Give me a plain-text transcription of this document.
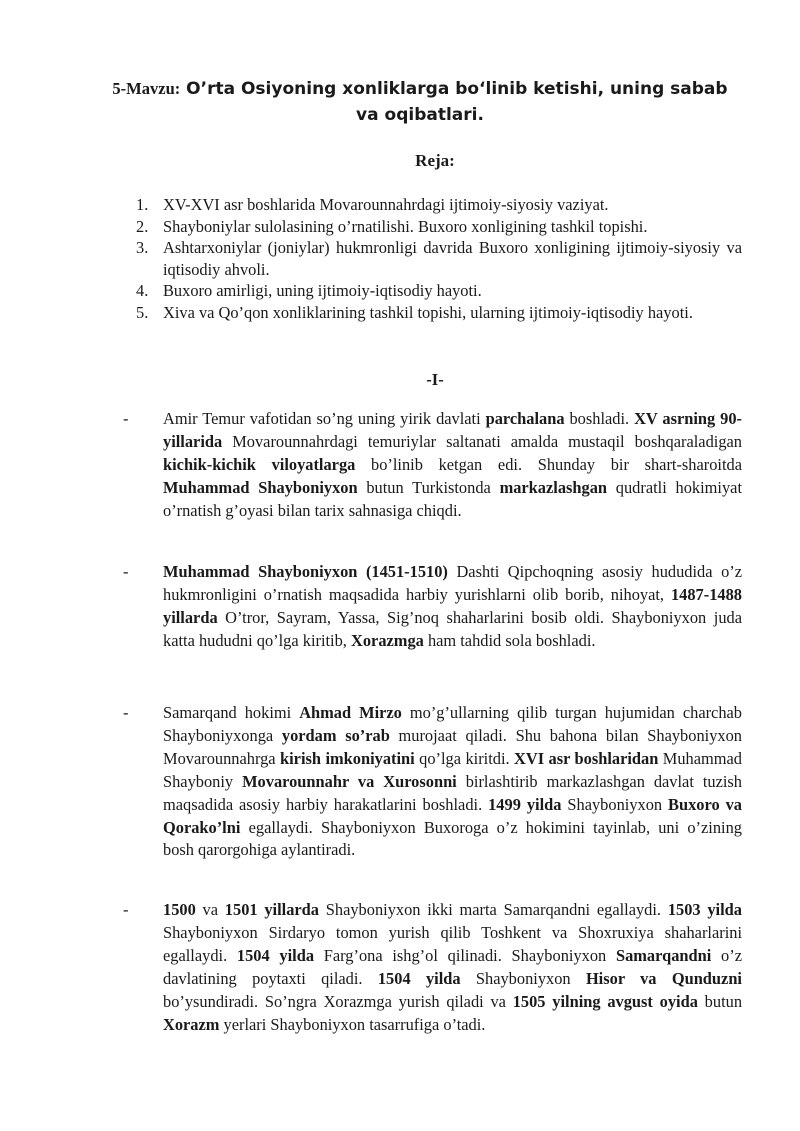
5-Mavzu: O’rta Osiyoning xonliklarga bo‘linib ketishi, uning sabab
va oqibatlari.
Reja:
1. XV-XVI asr boshlarida Movarounnahrdagi ijtimoiy-siyosiy vaziyat.
2. Shayboniylar sulolasining o’rnatilishi. Buxoro xonligining tashkil topishi.
3. Ashtarxoniylar (joniylar) hukmronligi davrida Buxoro xonligining ijtimoiy-siyosiy va iqtisodiy ahvoli.
4. Buxoro amirligi, uning ijtimoiy-iqtisodiy hayoti.
5. Xiva va Qo’qon xonliklarining tashkil topishi, ularning ijtimoiy-iqtisodiy hayoti.
-I-
- Amir Temur vafotidan so’ng uning yirik davlati parchalana boshladi. XV asrning 90-yillarida Movarounnahrdagi temuriylar saltanati amalda mustaqil boshqaraladigan kichik-kichik viloyatlarga bo’linib ketgan edi. Shunday bir shart-sharoitda Muhammad Shayboniyxon butun Turkistonda markazlashgan qudratli hokimiyat o’rnatish g’oyasi bilan tarix sahnasiga chiqdi.
- Muhammad Shayboniyxon (1451-1510) Dashti Qipchoqning asosiy hududida o’z hukmronligini o’rnatish maqsadida harbiy yurishlarni olib borib, nihoyat, 1487-1488 yillarda O’tror, Sayram, Yassa, Sig’noq shaharlarini bosib oldi. Shayboniyxon juda katta hududni qo’lga kiritib, Xorazmga ham tahdid sola boshladi.
- Samarqand hokimi Ahmad Mirzo mo’g’ullarning qilib turgan hujumidan charchab Shayboniyxonga yordam so’rab murojaat qiladi. Shu bahona bilan Shayboniyxon Movarounnahrga kirish imkoniyatini qo’lga kiritdi. XVI asr boshlaridan Muhammad Shayboniy Movarounnahr va Xurosonni birlashtirib markazlashgan davlat tuzish maqsadida asosiy harbiy harakatlarini boshladi. 1499 yilda Shayboniyxon Buxoro va Qorako’lni egallaydi. Shayboniyxon Buxoroga o’z hokimini tayinlab, uni o’zining bosh qarorgohiga aylantiradi.
- 1500 va 1501 yillarda Shayboniyxon ikki marta Samarqandni egallaydi. 1503 yilda Shayboniyxon Sirdaryo tomon yurish qilib Toshkent va Shoxruxiya shaharlarini egallaydi. 1504 yilda Farg’ona ishg’ol qilinadi. Shayboniyxon Samarqandni o’z davlatining poytaxti qiladi. 1504 yilda Shayboniyxon Hisor va Qunduzni bo’ysundiradi. So’ngra Xorazmga yurish qiladi va 1505 yilning avgust oyida butun Xorazm yerlari Shayboniyxon tasarrufiga o’tadi.
